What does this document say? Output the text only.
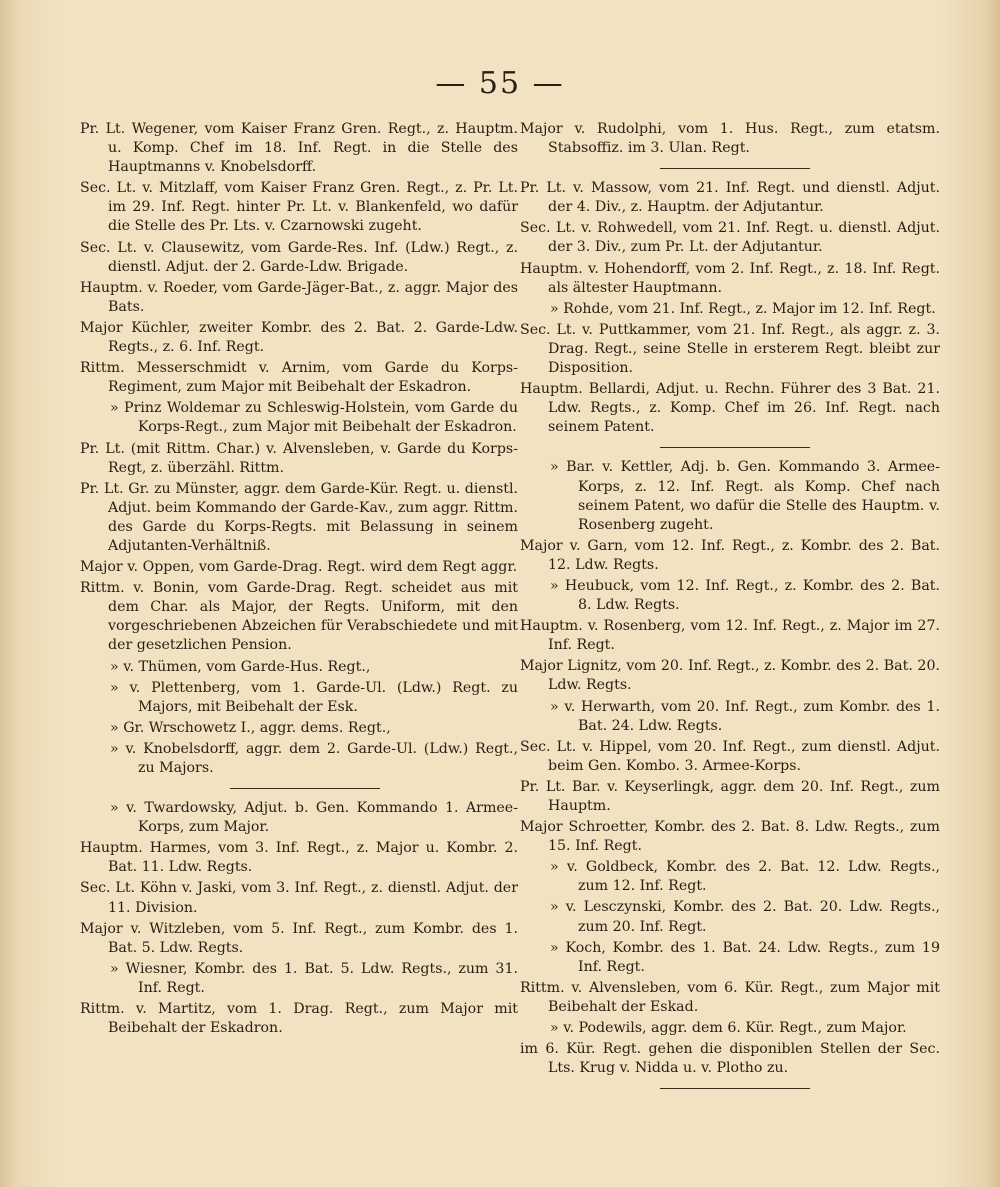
— 55 —

Pr. Lt. Wegener, vom Kaiser Franz Gren. Regt., z. Hauptm. u. Komp. Chef im 18. Inf. Regt. in die Stelle des Hauptmanns v. Knobelsdorff.

Sec. Lt. v. Mitzlaff, vom Kaiser Franz Gren. Regt., z. Pr. Lt. im 29. Inf. Regt. hinter Pr. Lt. v. Blankenfeld, wo dafür die Stelle des Pr. Lts. v. Czarnowski zugeht.

Sec. Lt. v. Clausewitz, vom Garde-Res. Inf. (Ldw.) Regt., z. dienstl. Adjut. der 2. Garde-Ldw. Brigade.

Hauptm. v. Roeder, vom Garde-Jäger-Bat., z. aggr. Major des Bats.

Major Küchler, zweiter Kombr. des 2. Bat. 2. Garde-Ldw. Regts., z. 6. Inf. Regt.

Rittm. Messerschmidt v. Arnim, vom Garde du Korps-Regiment, zum Major mit Beibehalt der Eskadron.

» Prinz Woldemar zu Schleswig-Holstein, vom Garde du Korps-Regt., zum Major mit Beibehalt der Eskadron.

Pr. Lt. (mit Rittm. Char.) v. Alvensleben, v. Garde du Korps-Regt, z. überzähl. Rittm.

Pr. Lt. Gr. zu Münster, aggr. dem Garde-Kür. Regt. u. dienstl. Adjut. beim Kommando der Garde-Kav., zum aggr. Rittm. des Garde du Korps-Regts. mit Belassung in seinem Adjutanten-Verhältniß.

Major v. Oppen, vom Garde-Drag. Regt. wird dem Regt aggr.

Rittm. v. Bonin, vom Garde-Drag. Regt. scheidet aus mit dem Char. als Major, der Regts. Uniform, mit den vorgeschriebenen Abzeichen für Verabschiedete und mit der gesetzlichen Pension.

» v. Thümen, vom Garde-Hus. Regt.,

» v. Plettenberg, vom 1. Garde-Ul. (Ldw.) Regt. zu Majors, mit Beibehalt der Esk.

» Gr. Wrschowetz I., aggr. dems. Regt.,

» v. Knobelsdorff, aggr. dem 2. Garde-Ul. (Ldw.) Regt., zu Majors.

» v. Twardowsky, Adjut. b. Gen. Kommando 1. Armee-Korps, zum Major.

Hauptm. Harmes, vom 3. Inf. Regt., z. Major u. Kombr. 2. Bat. 11. Ldw. Regts.

Sec. Lt. Köhn v. Jaski, vom 3. Inf. Regt., z. dienstl. Adjut. der 11. Division.

Major v. Witzleben, vom 5. Inf. Regt., zum Kombr. des 1. Bat. 5. Ldw. Regts.

» Wiesner, Kombr. des 1. Bat. 5. Ldw. Regts., zum 31. Inf. Regt.

Rittm. v. Martitz, vom 1. Drag. Regt., zum Major mit Beibehalt der Eskadron.

Major v. Rudolphi, vom 1. Hus. Regt., zum etatsm. Stabsoffiz. im 3. Ulan. Regt.

Pr. Lt. v. Massow, vom 21. Inf. Regt. und dienstl. Adjut. der 4. Div., z. Hauptm. der Adjutantur.

Sec. Lt. v. Rohwedell, vom 21. Inf. Regt. u. dienstl. Adjut. der 3. Div., zum Pr. Lt. der Adjutantur.

Hauptm. v. Hohendorff, vom 2. Inf. Regt., z. 18. Inf. Regt. als ältester Hauptmann.

» Rohde, vom 21. Inf. Regt., z. Major im 12. Inf. Regt.

Sec. Lt. v. Puttkammer, vom 21. Inf. Regt., als aggr. z. 3. Drag. Regt., seine Stelle in ersterem Regt. bleibt zur Disposition.

Hauptm. Bellardi, Adjut. u. Rechn. Führer des 3 Bat. 21. Ldw. Regts., z. Komp. Chef im 26. Inf. Regt. nach seinem Patent.

» Bar. v. Kettler, Adj. b. Gen. Kommando 3. Armee-Korps, z. 12. Inf. Regt. als Komp. Chef nach seinem Patent, wo dafür die Stelle des Hauptm. v. Rosenberg zugeht.

Major v. Garn, vom 12. Inf. Regt., z. Kombr. des 2. Bat. 12. Ldw. Regts.

» Heubuck, vom 12. Inf. Regt., z. Kombr. des 2. Bat. 8. Ldw. Regts.

Hauptm. v. Rosenberg, vom 12. Inf. Regt., z. Major im 27. Inf. Regt.

Major Lignitz, vom 20. Inf. Regt., z. Kombr. des 2. Bat. 20. Ldw. Regts.

» v. Herwarth, vom 20. Inf. Regt., zum Kombr. des 1. Bat. 24. Ldw. Regts.

Sec. Lt. v. Hippel, vom 20. Inf. Regt., zum dienstl. Adjut. beim Gen. Kombo. 3. Armee-Korps.

Pr. Lt. Bar. v. Keyserlingk, aggr. dem 20. Inf. Regt., zum Hauptm.

Major Schroetter, Kombr. des 2. Bat. 8. Ldw. Regts., zum 15. Inf. Regt.

» v. Goldbeck, Kombr. des 2. Bat. 12. Ldw. Regts., zum 12. Inf. Regt.

» v. Lesczynski, Kombr. des 2. Bat. 20. Ldw. Regts., zum 20. Inf. Regt.

» Koch, Kombr. des 1. Bat. 24. Ldw. Regts., zum 19 Inf. Regt.

Rittm. v. Alvensleben, vom 6. Kür. Regt., zum Major mit Beibehalt der Eskad.

» v. Podewils, aggr. dem 6. Kür. Regt., zum Major.

im 6. Kür. Regt. gehen die disponiblen Stellen der Sec. Lts. Krug v. Nidda u. v. Plotho zu.
